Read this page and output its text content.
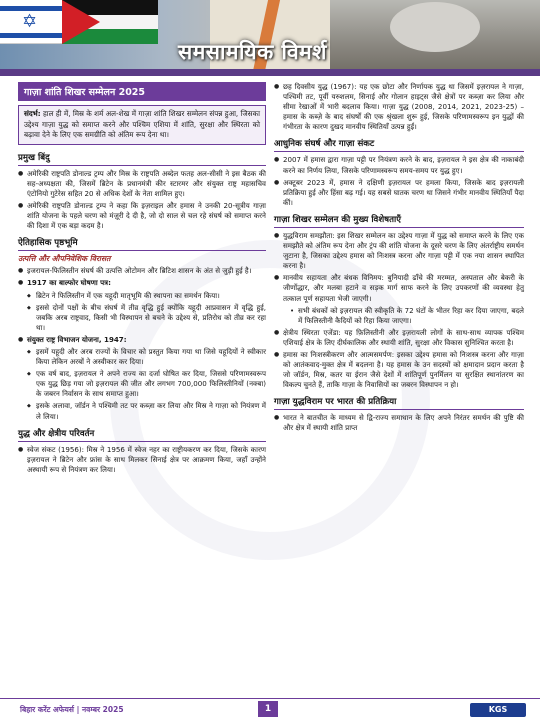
✡
समसामयिक विमर्श
गाज़ा शांति शिखर सम्मेलन 2025
संदर्भ: हाल ही में, मिस्र के शर्म अल-शेख में गाज़ा शांति शिखर सम्मेलन संपन्न हुआ, जिसका उद्देश्य गाज़ा युद्ध को समाप्त करने और पश्चिम एशिया में शांति, सुरक्षा और स्थिरता को बढ़ावा देने के लिए एक समग्रीति को अंतिम रूप देना था।
प्रमुख बिंदु
● अमेरिकी राष्ट्रपति डोनाल्ड ट्रम्प और मिस्र के राष्ट्रपति अब्देल फतह अल-सीसी ने इस बैठक की सह-अध्यक्षता की, जिसमें ब्रिटेन के प्रधानमंत्री कीर स्टारमर और संयुक्त राष्ट्र महासचिव एंटोनियो गुटेरेस सहित 20 से अधिक देशों के नेता शामिल हुए।
● अमेरिकी राष्ट्रपति डोनाल्ड ट्रम्प ने कहा कि इज़राइल और हमास ने उनकी 20-सूत्रीय गाज़ा शांति योजना के पहले चरण को मंज़ूरी दे दी है, जो दो साल से चल रहे संघर्ष को समाप्त करने की दिशा में एक बड़ा कदम है।
ऐतिहासिक पृष्ठभूमि
उत्पत्ति और औपनिवेशिक विरासत
● इजरायल-फिलिस्तीन संघर्ष की उत्पत्ति ओटोमन और ब्रिटिश शासन के अंत से जुड़ी हुई है।
● 1917 का बाल्फोर घोषणा पत्र:
◆ ब्रिटेन ने फिलिस्तीन में एक यहूदी मातृभूमि की स्थापना का समर्थन किया।
◆ इससे दोनों पक्षों के बीच संघर्ष में तीव्र वृद्धि हुई क्योंकि यहूदी आप्रवासन में वृद्धि हुई, जबकि अरब राष्ट्रवाद, किसी भी विस्थापन से बचने के उद्देश्य से, प्रतिरोध को तीव्र कर रहा था।
● संयुक्त राष्ट्र विभाजन योजना, 1947:
◆ इसमें यहूदी और अरब राज्यों के विचार को प्रस्तुत किया गया था जिसे यहूदियों ने स्वीकार किया लेकिन अरबों ने अस्वीकार कर दिया।
◆ एक वर्ष बाद, इज़रायल ने अपने राज्य का दर्जा घोषित कर दिया, जिससे परिणामस्वरूप एक युद्ध छिड़ गया जो इज़रायल की जीत और लगभग 700,000 फिलिस्तीनियों (नक्बा) के जबरन निर्वासन के साथ समाप्त हुआ।
◆ इसके अलावा, जॉर्डन ने पश्चिमी तट पर कब्ज़ा कर लिया और मिस्र ने गाज़ा को नियंत्रण में ले लिया।
युद्ध और क्षेत्रीय परिवर्तन
● स्वेज संकट (1956): मिस्र ने 1956 में स्वेज नहर का राष्ट्रीयकरण कर दिया, जिसके कारण इज़रायल ने ब्रिटेन और फ्रांस के साथ मिलकर सिनाई क्षेत्र पर आक्रमण किया, जहाँ उन्होंने अस्थायी रूप से नियंत्रण कर लिया।
● छह दिवसीय युद्ध (1967): यह एक छोटा और निर्णायक युद्ध था जिसमें इज़रायल ने गाज़ा, पश्चिमी तट, पूर्वी यरुशलम, सिनाई और गोलान हाइट्स जैसे क्षेत्रों पर कब्ज़ा कर लिया और सीमा रेखाओं में भारी बदलाव किया। गाज़ा युद्ध (2008, 2014, 2021, 2023-25) – हमास के कब्ज़े के बाद संघर्षों की एक श्रृंखला शुरू हुई, जिसके परिणामस्वरूप इन युद्धों की गंभीरता के कारण दुखद मानवीय स्थितियाँ उत्पन्न हुईं।
आधुनिक संघर्ष और गाज़ा संकट
● 2007 में हमास द्वारा गाज़ा पट्टी पर नियंत्रण करने के बाद, इज़रायल ने इस क्षेत्र की नाकाबंदी करने का निर्णय लिया, जिसके परिणामस्वरूप समय-समय पर युद्ध हुए।
● अक्टूबर 2023 में, हमास ने दक्षिणी इज़रायल पर हमला किया, जिसके बाद इज़रायली प्रतिक्रिया हुई और हिंसा बढ़ गई। यह सबसे घातक चरण था जिसने गंभीर मानवीय स्थितियाँ पैदा कीं।
गाज़ा शिखर सम्मेलन की मुख्य विशेषताएँ
● युद्धविराम समझौता: इस शिखर सम्मेलन का उद्देश्य गाज़ा में युद्ध को समाप्त करने के लिए एक समझौते को अंतिम रूप देना और ट्रंप की शांति योजना के दूसरे चरण के लिए अंतर्राष्ट्रीय समर्थन जुटाना है, जिसका उद्देश्य हमास को निःशस्त्र करना और गाज़ा पट्टी में एक नया शासन स्थापित करना है।
● मानवीय सहायता और बंधक विनिमय: बुनियादी ढाँचे की मरम्मत, अस्पताल और बेकरी के जीर्णोद्धार, और मलबा हटाने व सड़क मार्ग साफ करने के लिए उपकरणों की व्यवस्था हेतु तत्काल पूर्ण सहायता भेजी जाएगी।
• सभी बंधकों को इज़रायल की स्वीकृति के 72 घंटों के भीतर रिहा कर दिया जाएगा, बदले में फिलिस्तीनी कैदियों को रिहा किया जाएगा।
● क्षेत्रीय स्थिरता एजेंडा: यह फ़िलिस्तीनी और इज़रायली लोगों के साथ-साथ व्यापक पश्चिम एशियाई क्षेत्र के लिए दीर्घकालिक और स्थायी शांति, सुरक्षा और विकास सुनिश्चित करता है।
● हमास का निःशस्त्रीकरण और आत्मसमर्पण: इसका उद्देश्य हमास को निःशस्त्र करना और गाज़ा को आतंकवाद-मुक्त क्षेत्र में बदलना है। यह हमास के उन सदस्यों को क्षमादान प्रदान करता है जो जॉर्डन, मिस्र, कतर या ईरान जैसे देशों में शांतिपूर्ण पुनर्मिलन या सुरक्षित स्थानांतरण का विकल्प चुनते हैं, ताकि गाज़ा के निवासियों का जबरन विस्थापन न हो।
गाज़ा युद्धविराम पर भारत की प्रतिक्रिया
● भारत ने बातचीत के माध्यम से द्वि-राज्य समाधान के लिए अपने निरंतर समर्थन की पुष्टि की और क्षेत्र में स्थायी शांति प्राप्त
बिहार करेंट अफेयर्स | नवम्बर 2025	1	KGS
